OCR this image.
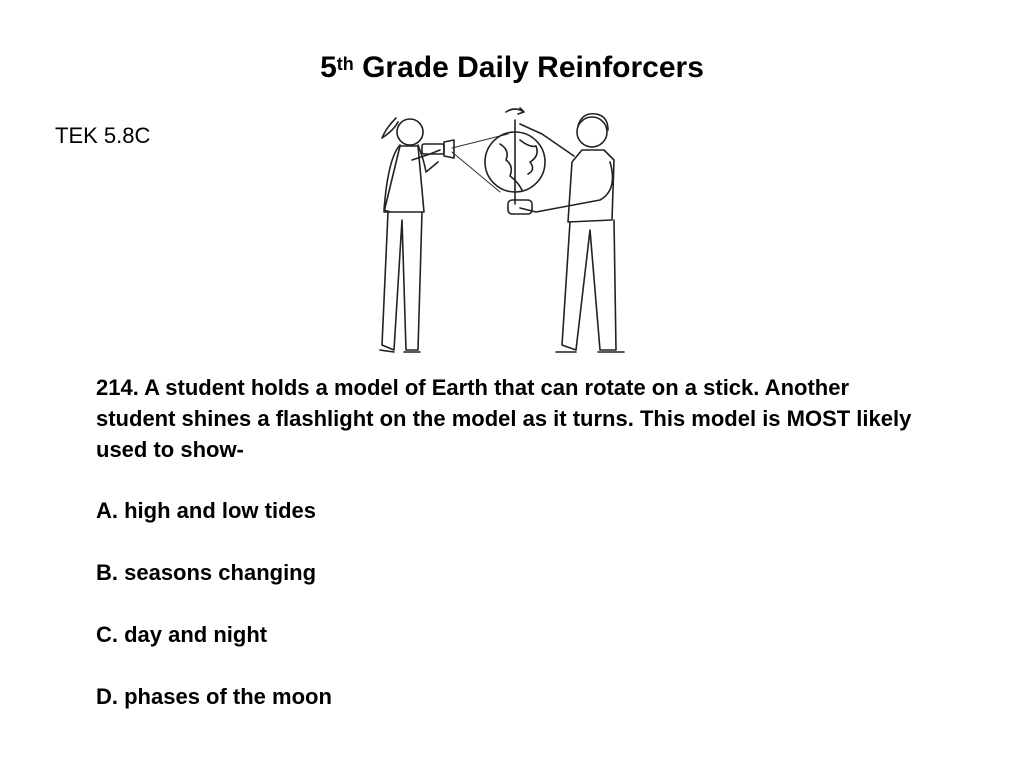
5th Grade Daily Reinforcers

TEK 5.8C

214. A student holds a model of Earth that can rotate on a stick. Another student shines a flashlight on the model as it turns. This model is MOST likely used to show-

A. high and low tides

B. seasons changing

C. day and night

D. phases of the moon
